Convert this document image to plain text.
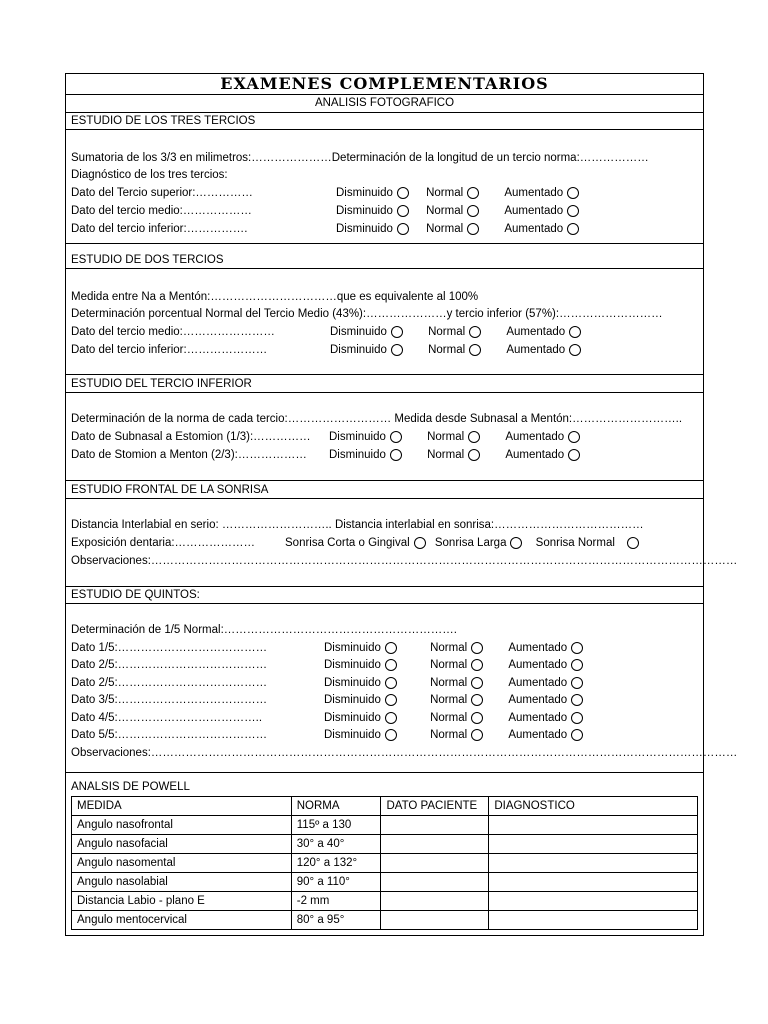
EXAMENES COMPLEMENTARIOS
ANALISIS FOTOGRAFICO
ESTUDIO DE LOS TRES TERCIOS
Sumatoria de los 3/3 en milimetros:…………………Determinación de la longitud de un tercio norma:………………
Diagnóstico de los tres tercios:
Dato del Tercio superior:……………	Disminuido	Normal	Aumentado
Dato del tercio medio:………………	Disminuido	Normal	Aumentado
Dato del tercio inferior:…………….	Disminuido	Normal	Aumentado
ESTUDIO DE DOS TERCIOS
Medida entre Na a Mentón:……………………………que es equivalente al 100%
Determinación porcentual Normal del Tercio Medio (43%):…………………y tercio inferior (57%):………………………
Dato del tercio medio:……………………	Disminuido	Normal	Aumentado
Dato del tercio inferior:…………………	Disminuido	Normal	Aumentado
ESTUDIO DEL TERCIO INFERIOR
Determinación de la norma de cada tercio:……………………… Medida desde Subnasal a Mentón:………………………..
Dato de Subnasal a Estomion (1/3):…………… Disminuido	Normal	Aumentado
Dato de Stomion a Menton (2/3):……………… Disminuido	Normal	Aumentado
ESTUDIO FRONTAL DE LA SONRISA
Distancia Interlabial en serio: ……………………….. Distancia interlabial en sonrisa:…………………………………
Exposición dentaria:…………………	Sonrisa Corta o Gingival Sonrisa Larga	Sonrisa Normal
Observaciones:………………………………………………………………………………………………………………………………………
ESTUDIO DE QUINTOS:
Determinación de 1/5 Normal:…………………………………………………….
Dato 1/5:…………………………………	Disminuido	Normal	Aumentado
Dato 2/5:…………………………………	Disminuido	Normal	Aumentado
Dato 2/5:…………………………………	Disminuido	Normal	Aumentado
Dato 3/5:…………………………………	Disminuido	Normal	Aumentado
Dato 4/5:………………………………..	Disminuido	Normal	Aumentado
Dato 5/5:…………………………………	Disminuido	Normal	Aumentado
Observaciones:………………………………………………………………………………………………………………………………………
ANALSIS DE POWELL
MEDIDA	NORMA	DATO PACIENTE	DIAGNOSTICO
Angulo nasofrontal	115º a 130		
Angulo nasofacial	30° a 40°		
Angulo nasomental	120° a 132°		
Angulo nasolabial	90° a 110°		
Distancia Labio - plano E	-2 mm		
Angulo mentocervical	80° a 95°		
